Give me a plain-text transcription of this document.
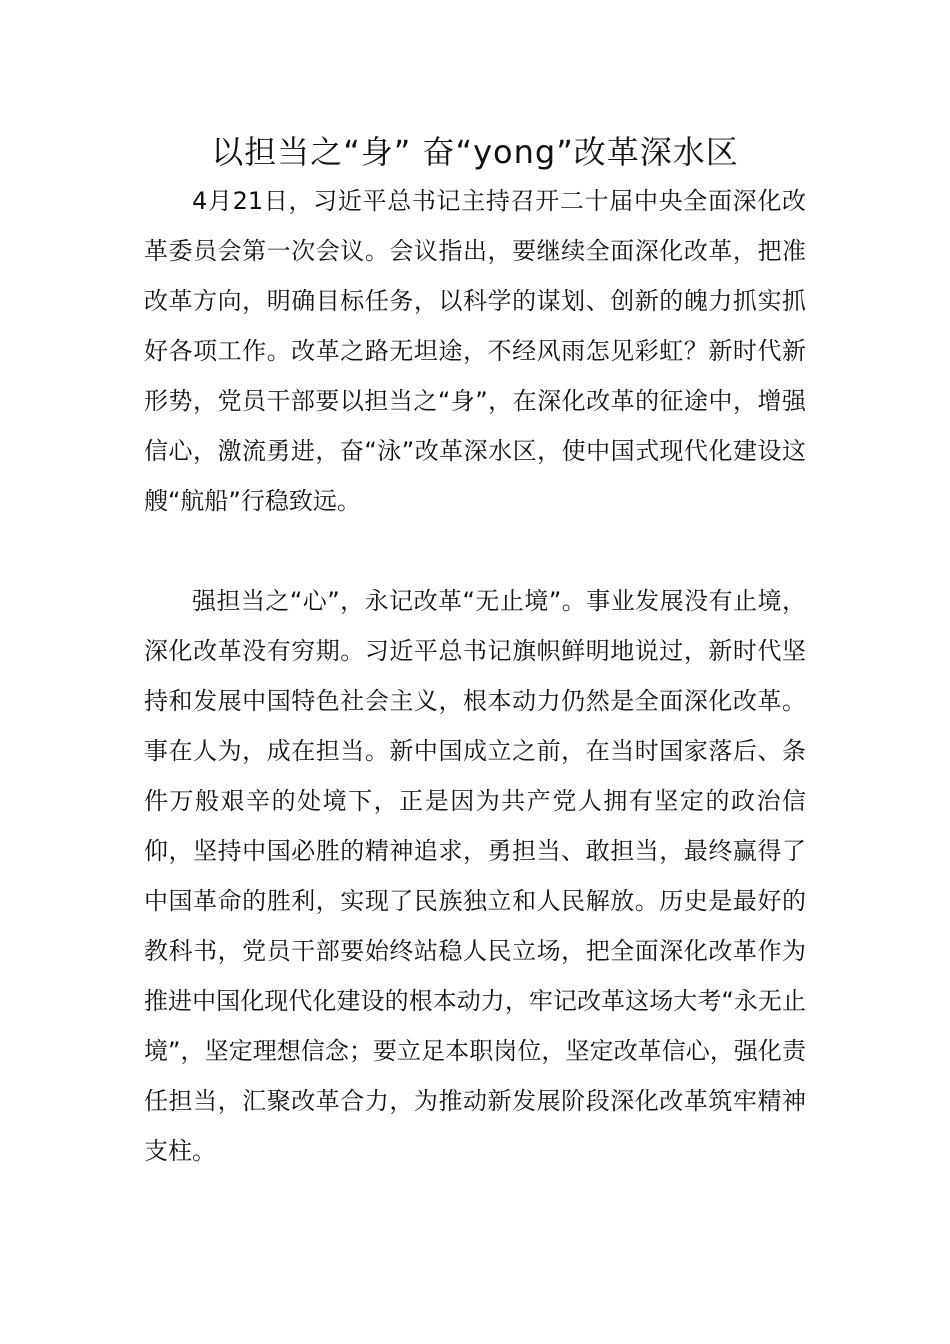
以担当之“身” 奋“yong”改革深水区

4月21日，习近平总书记主持召开二十届中央全面深化改革委员会第一次会议。会议指出，要继续全面深化改革，把准改革方向，明确目标任务，以科学的谋划、创新的魄力抓实抓好各项工作。改革之路无坦途，不经风雨怎见彩虹？新时代新形势，党员干部要以担当之“身”，在深化改革的征途中，增强信心，激流勇进，奋“泳”改革深水区，使中国式现代化建设这艘“航船”行稳致远。

强担当之“心”，永记改革“无止境”。事业发展没有止境，深化改革没有穷期。习近平总书记旗帜鲜明地说过，新时代坚持和发展中国特色社会主义，根本动力仍然是全面深化改革。事在人为，成在担当。新中国成立之前，在当时国家落后、条件万般艰辛的处境下，正是因为共产党人拥有坚定的政治信仰，坚持中国必胜的精神追求，勇担当、敢担当，最终赢得了中国革命的胜利，实现了民族独立和人民解放。历史是最好的教科书，党员干部要始终站稳人民立场，把全面深化改革作为推进中国化现代化建设的根本动力，牢记改革这场大考“永无止境”，坚定理想信念；要立足本职岗位，坚定改革信心，强化责任担当，汇聚改革合力，为推动新发展阶段深化改革筑牢精神支柱。
